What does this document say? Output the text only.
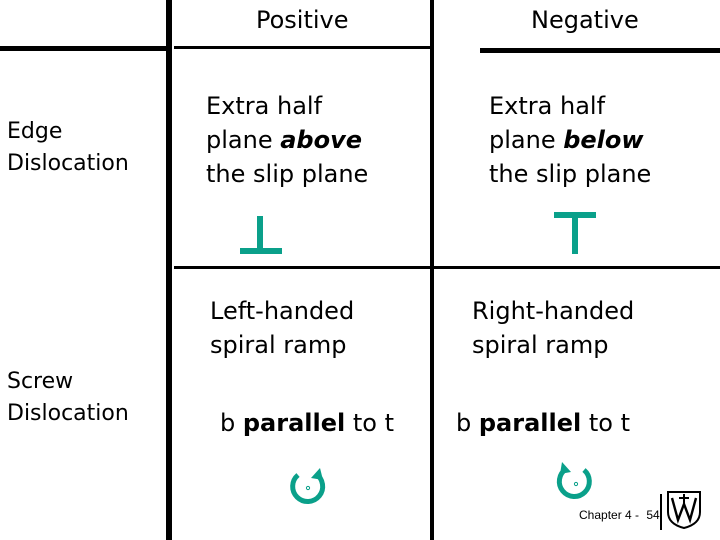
Positive	Negative
Edge
Dislocation
Screw
Dislocation
Extra half
plane above
the slip plane
Extra half
plane below
the slip plane
Left-handed
spiral ramp
b parallel to t
Right-handed
spiral ramp
b parallel to t
Chapter 4 - 54
